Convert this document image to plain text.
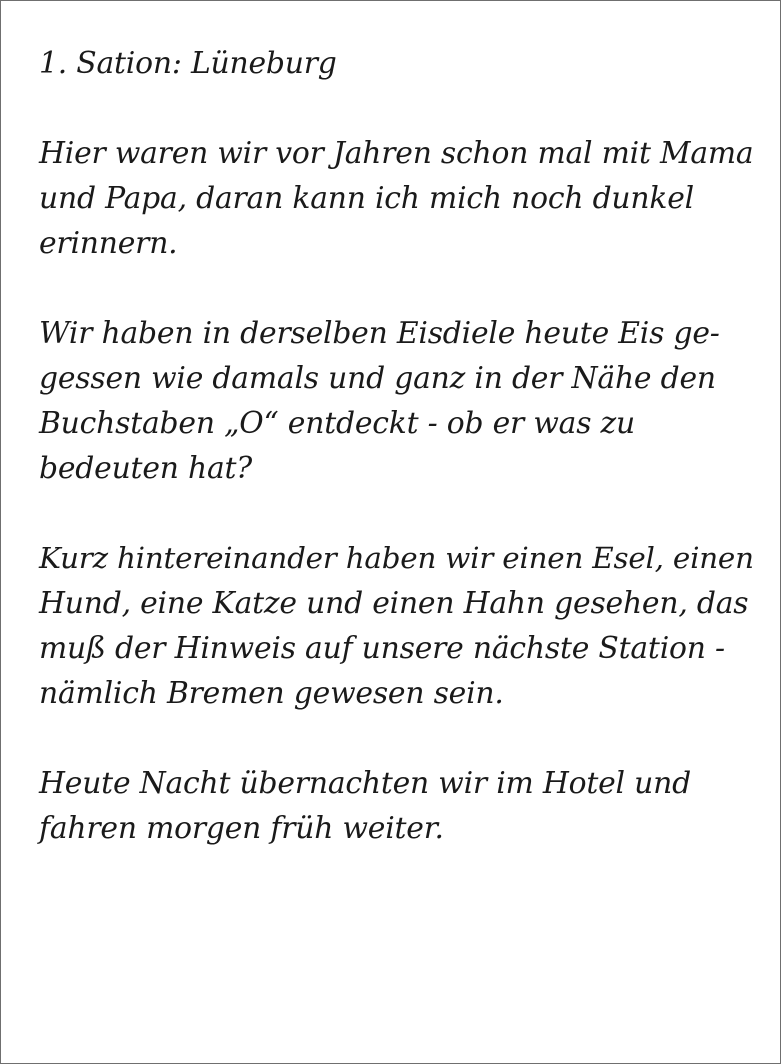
1. Sation: Lüneburg
Hier waren wir vor Jahren schon mal mit Mama
und Papa, daran kann ich mich noch dunkel
erinnern.
Wir haben in derselben Eisdiele heute Eis ge-
gessen wie damals und ganz in der Nähe den
Buchstaben „O“ entdeckt - ob er was zu
bedeuten hat?
Kurz hintereinander haben wir einen Esel, einen
Hund, eine Katze und einen Hahn gesehen, das
muß der Hinweis auf unsere nächste Station -
nämlich Bremen gewesen sein.
Heute Nacht übernachten wir im Hotel und
fahren morgen früh weiter.
